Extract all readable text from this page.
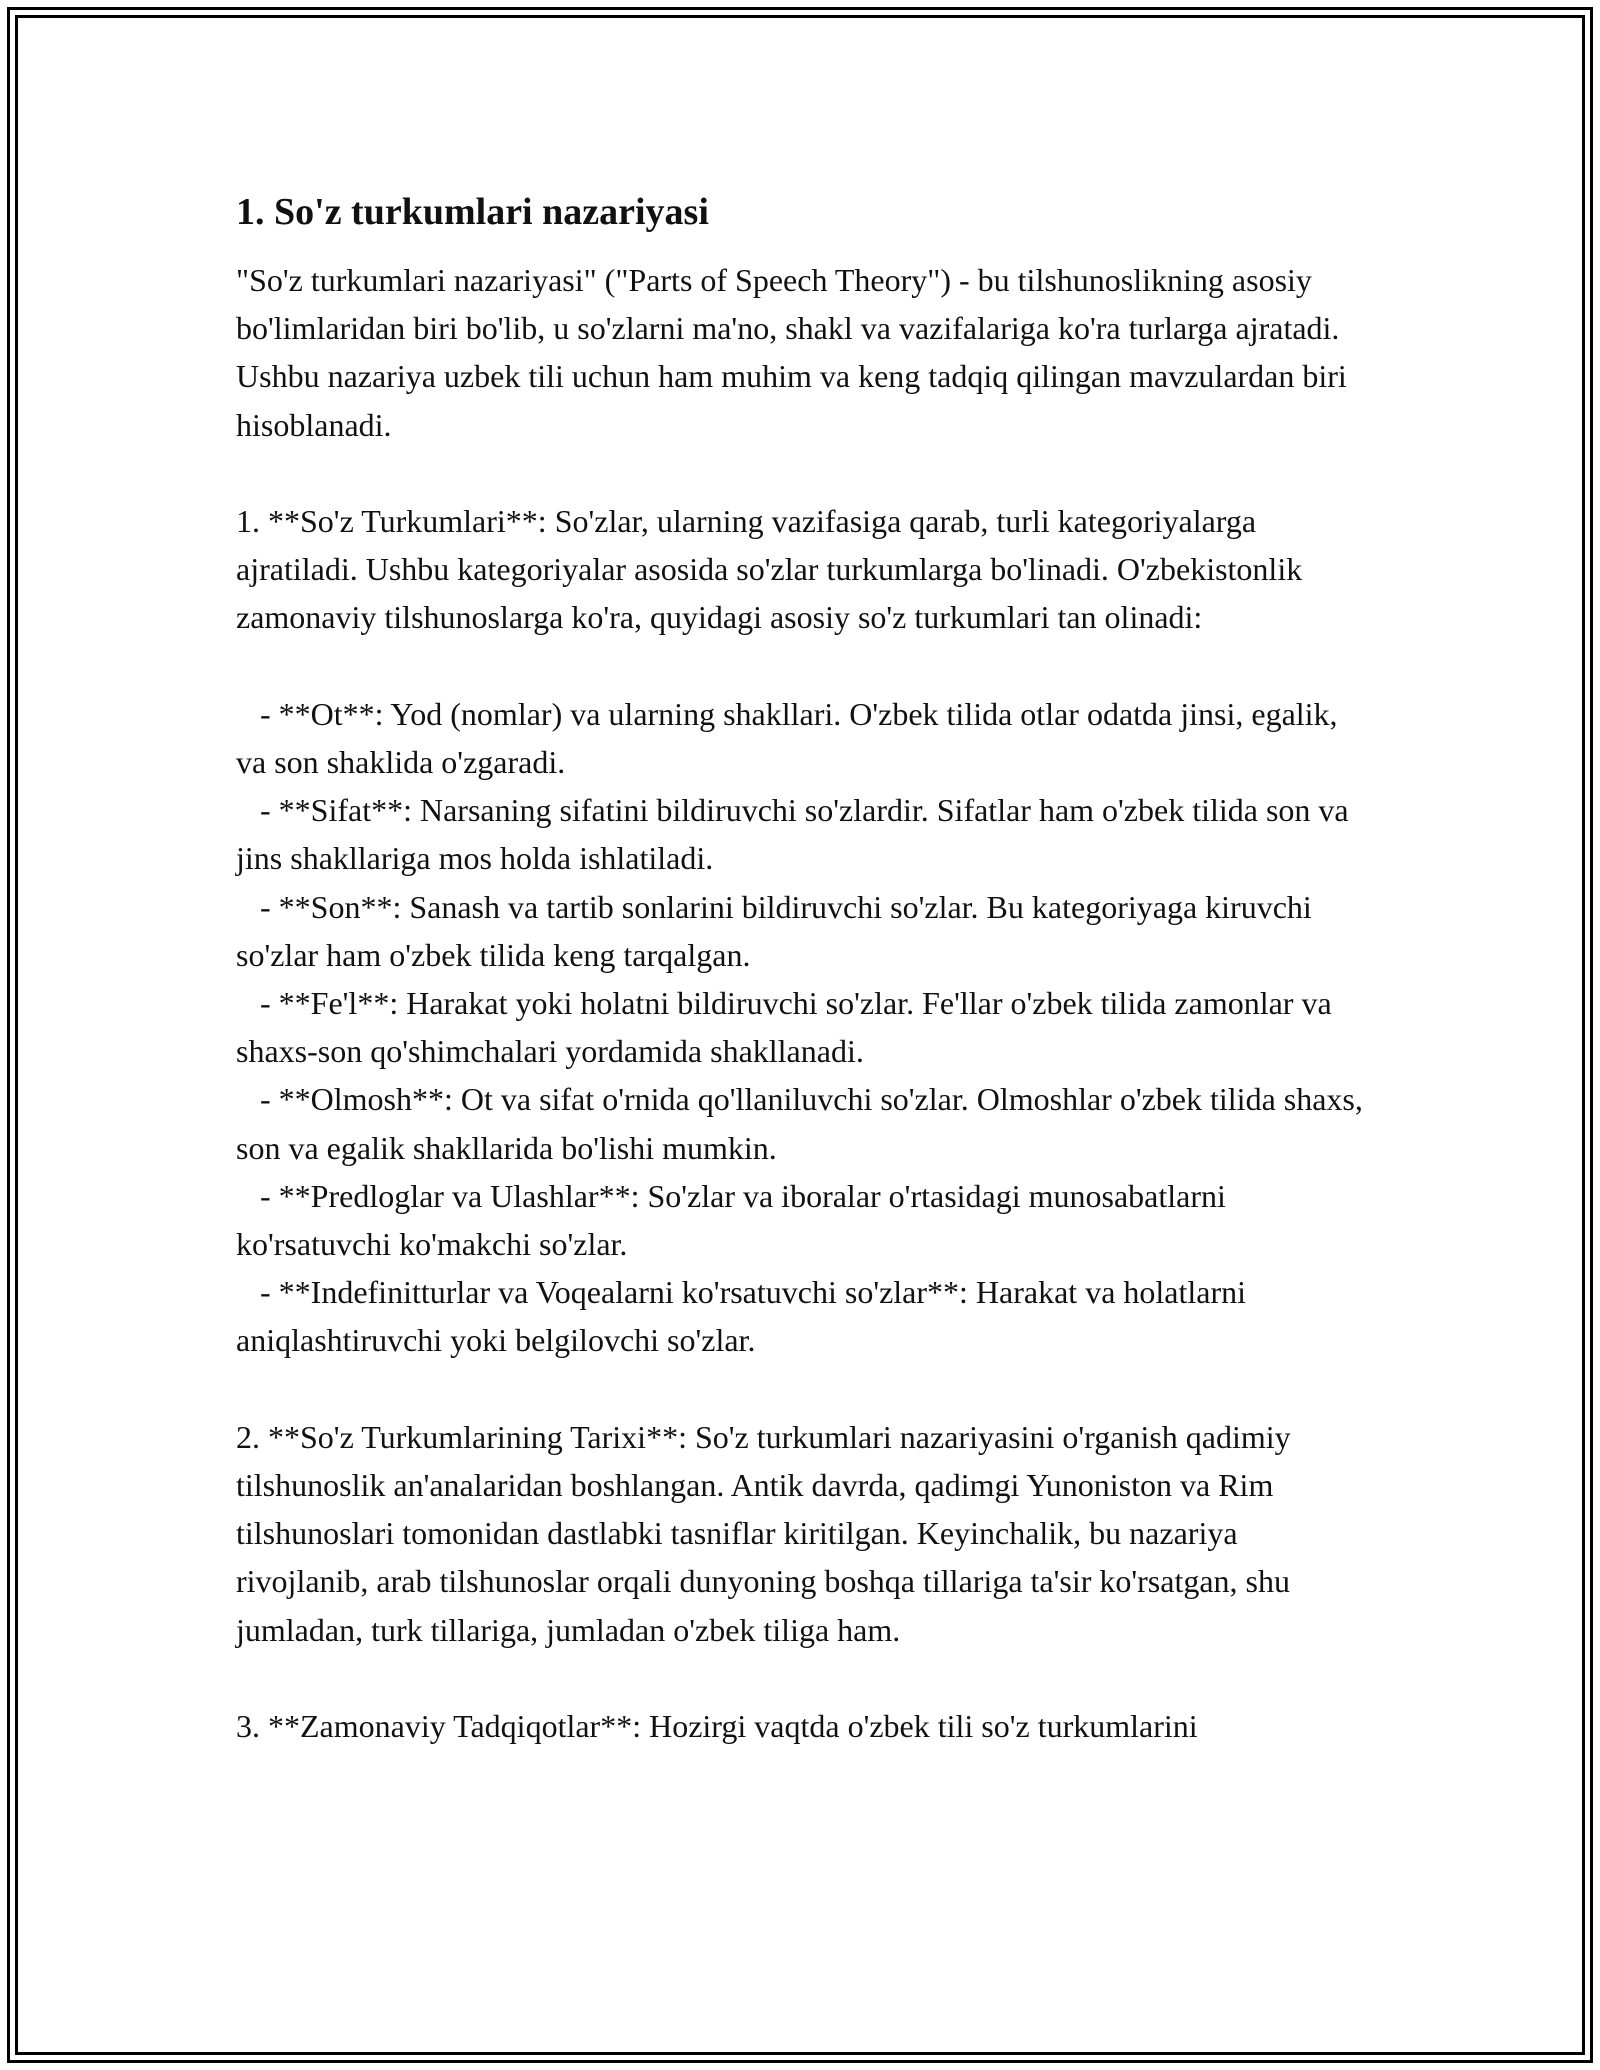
1. So'z turkumlari nazariyasi

"So'z turkumlari nazariyasi" ("Parts of Speech Theory") - bu tilshunoslikning asosiy bo'limlaridan biri bo'lib, u so'zlarni ma'no, shakl va vazifalariga ko'ra turlarga ajratadi. Ushbu nazariya uzbek tili uchun ham muhim va keng tadqiq qilingan mavzulardan biri hisoblanadi.

1. **So'z Turkumlari**: So'zlar, ularning vazifasiga qarab, turli kategoriyalarga ajratiladi. Ushbu kategoriyalar asosida so'zlar turkumlarga bo'linadi. O'zbekistonlik zamonaviy tilshunoslarga ko'ra, quyidagi asosiy so'z turkumlari tan olinadi:

- **Ot**: Yod (nomlar) va ularning shakllari. O'zbek tilida otlar odatda jinsi, egalik, va son shaklida o'zgaradi.

- **Sifat**: Narsaning sifatini bildiruvchi so'zlardir. Sifatlar ham o'zbek tilida son va jins shakllariga mos holda ishlatiladi.

- **Son**: Sanash va tartib sonlarini bildiruvchi so'zlar. Bu kategoriyaga kiruvchi so'zlar ham o'zbek tilida keng tarqalgan.

- **Fe'l**: Harakat yoki holatni bildiruvchi so'zlar. Fe'llar o'zbek tilida zamonlar va shaxs-son qo'shimchalari yordamida shakllanadi.

- **Olmosh**: Ot va sifat o'rnida qo'llaniluvchi so'zlar. Olmoshlar o'zbek tilida shaxs, son va egalik shakllarida bo'lishi mumkin.

- **Predloglar va Ulashlar**: So'zlar va iboralar o'rtasidagi munosabatlarni ko'rsatuvchi ko'makchi so'zlar.

- **Indefinitturlar va Voqealarni ko'rsatuvchi so'zlar**: Harakat va holatlarni aniqlashtiruvchi yoki belgilovchi so'zlar.

2. **So'z Turkumlarining Tarixi**: So'z turkumlari nazariyasini o'rganish qadimiy tilshunoslik an'analaridan boshlangan. Antik davrda, qadimgi Yunoniston va Rim tilshunoslari tomonidan dastlabki tasniflar kiritilgan. Keyinchalik, bu nazariya rivojlanib, arab tilshunoslar orqali dunyoning boshqa tillariga ta'sir ko'rsatgan, shu jumladan, turk tillariga, jumladan o'zbek tiliga ham.

3. **Zamonaviy Tadqiqotlar**: Hozirgi vaqtda o'zbek tili so'z turkumlarini
